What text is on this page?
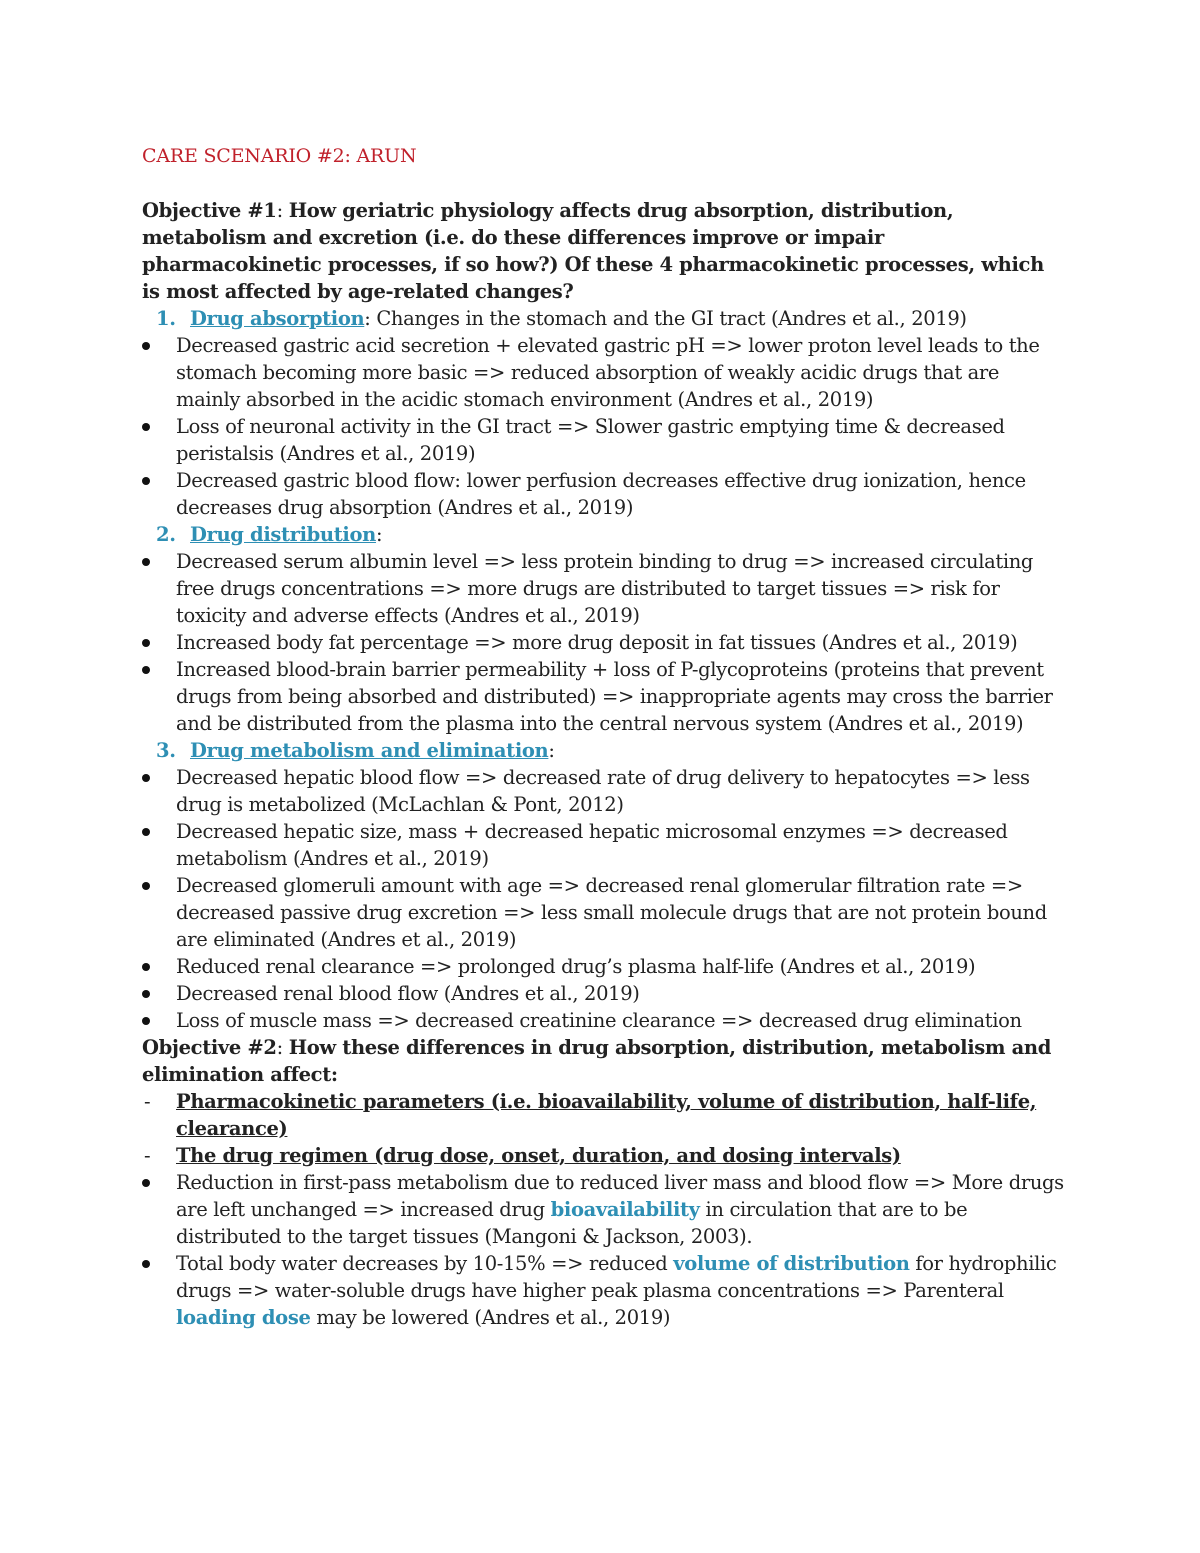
CARE SCENARIO #2: ARUN

Objective #1: How geriatric physiology affects drug absorption, distribution, metabolism and excretion (i.e. do these differences improve or impair pharmacokinetic processes, if so how?) Of these 4 pharmacokinetic processes, which is most affected by age-related changes?

1. Drug absorption: Changes in the stomach and the GI tract (Andres et al., 2019)

Decreased gastric acid secretion + elevated gastric pH => lower proton level leads to the stomach becoming more basic => reduced absorption of weakly acidic drugs that are mainly absorbed in the acidic stomach environment (Andres et al., 2019)

Loss of neuronal activity in the GI tract => Slower gastric emptying time & decreased peristalsis (Andres et al., 2019)

Decreased gastric blood flow: lower perfusion decreases effective drug ionization, hence decreases drug absorption (Andres et al., 2019)

2. Drug distribution:

Decreased serum albumin level => less protein binding to drug => increased circulating free drugs concentrations => more drugs are distributed to target tissues => risk for toxicity and adverse effects (Andres et al., 2019)

Increased body fat percentage => more drug deposit in fat tissues (Andres et al., 2019)

Increased blood-brain barrier permeability + loss of P-glycoproteins (proteins that prevent drugs from being absorbed and distributed) => inappropriate agents may cross the barrier and be distributed from the plasma into the central nervous system (Andres et al., 2019)

3. Drug metabolism and elimination:

Decreased hepatic blood flow => decreased rate of drug delivery to hepatocytes => less drug is metabolized (McLachlan & Pont, 2012)

Decreased hepatic size, mass + decreased hepatic microsomal enzymes => decreased metabolism (Andres et al., 2019)

Decreased glomeruli amount with age => decreased renal glomerular filtration rate => decreased passive drug excretion => less small molecule drugs that are not protein bound are eliminated (Andres et al., 2019)

Reduced renal clearance => prolonged drug’s plasma half-life (Andres et al., 2019)

Decreased renal blood flow (Andres et al., 2019)

Loss of muscle mass => decreased creatinine clearance => decreased drug elimination

Objective #2: How these differences in drug absorption, distribution, metabolism and elimination affect:

- Pharmacokinetic parameters (i.e. bioavailability, volume of distribution, half-life, clearance)

- The drug regimen (drug dose, onset, duration, and dosing intervals)

Reduction in first-pass metabolism due to reduced liver mass and blood flow => More drugs are left unchanged => increased drug bioavailability in circulation that are to be distributed to the target tissues (Mangoni & Jackson, 2003).

Total body water decreases by 10-15% => reduced volume of distribution for hydrophilic drugs => water-soluble drugs have higher peak plasma concentrations => Parenteral loading dose may be lowered (Andres et al., 2019)
